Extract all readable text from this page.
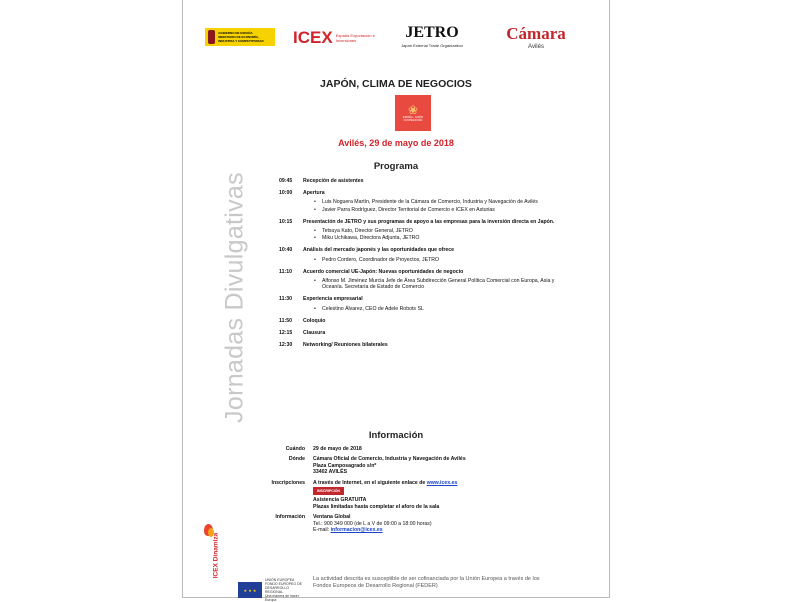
GOBIERNO DE ESPAÑA
MINISTERIO DE ECONOMÍA, INDUSTRIA Y COMPETITIVIDAD	ICEX España Exportación e Inversiones	JETRO
Japan External Trade Organization
Cámara
Avilés
Jornadas Divulgativas
JAPÓN, CLIMA DE NEGOCIOS
❀
ESPAÑA - JAPÓN COOPERACIÓN
Avilés, 29 de mayo de 2018
Programa
09:45 Recepción de asistentes
10:00 Apertura
• Luis Noguera Martín, Presidente de la Cámara de Comercio, Industria y Navegación de Avilés
• Javier Parra Rodríguez, Director Territorial de Comercio e ICEX en Asturias
10:15 Presentación de JETRO y sus programas de apoyo a las empresas para la inversión directa en Japón.
• Tetsuya Kato, Director General, JETRO
• Miku Uchikawa, Directora Adjunta, JETRO
10:40 Análisis del mercado japonés y las oportunidades que ofrece
• Pedro Cordero, Coordinador de Proyectos, JETRO
11:10 Acuerdo comercial UE-Japón: Nuevas oportunidades de negocio
• Alfonso M. Jiménez Murcia Jefe de Área Subdirección General Política Comercial con Europa, Asia y Oceanía. Secretaría de Estado de Comercio
11:30 Experiencia empresarial
• Celestino Álvarez, CEO de Adele Robots SL
11:50 Coloquio
12:15 Clausura
12:30 Networking/ Reuniones bilaterales
Información
Cuándo 29 de mayo de 2018
Dónde Cámara Oficial de Comercio, Industria y Navegación de Avilés
Plaza Camposagrado s/nº
33402 AVILÉS
Inscripciones A través de Internet, en el siguiente enlace de www.icex.es
INSCRIPCIÓN
Asistencia GRATUITA
Plazas limitadas hasta completar el aforo de la sala
Información Ventana Global
Tel.: 900 349 000 (de L a V de 09:00 a 18:00 horas)
E-mail: informacion@icex.es
ICEX Dinamiza
★ ★ ★
UNIÓN EUROPEA
FONDO EUROPEO DE DESARROLLO REGIONAL
Una manera de hacer Europa
La actividad descrita es susceptible de ser cofinanciada por la Unión Europea a través de los Fondos Europeos de Desarrollo Regional (FEDER)
